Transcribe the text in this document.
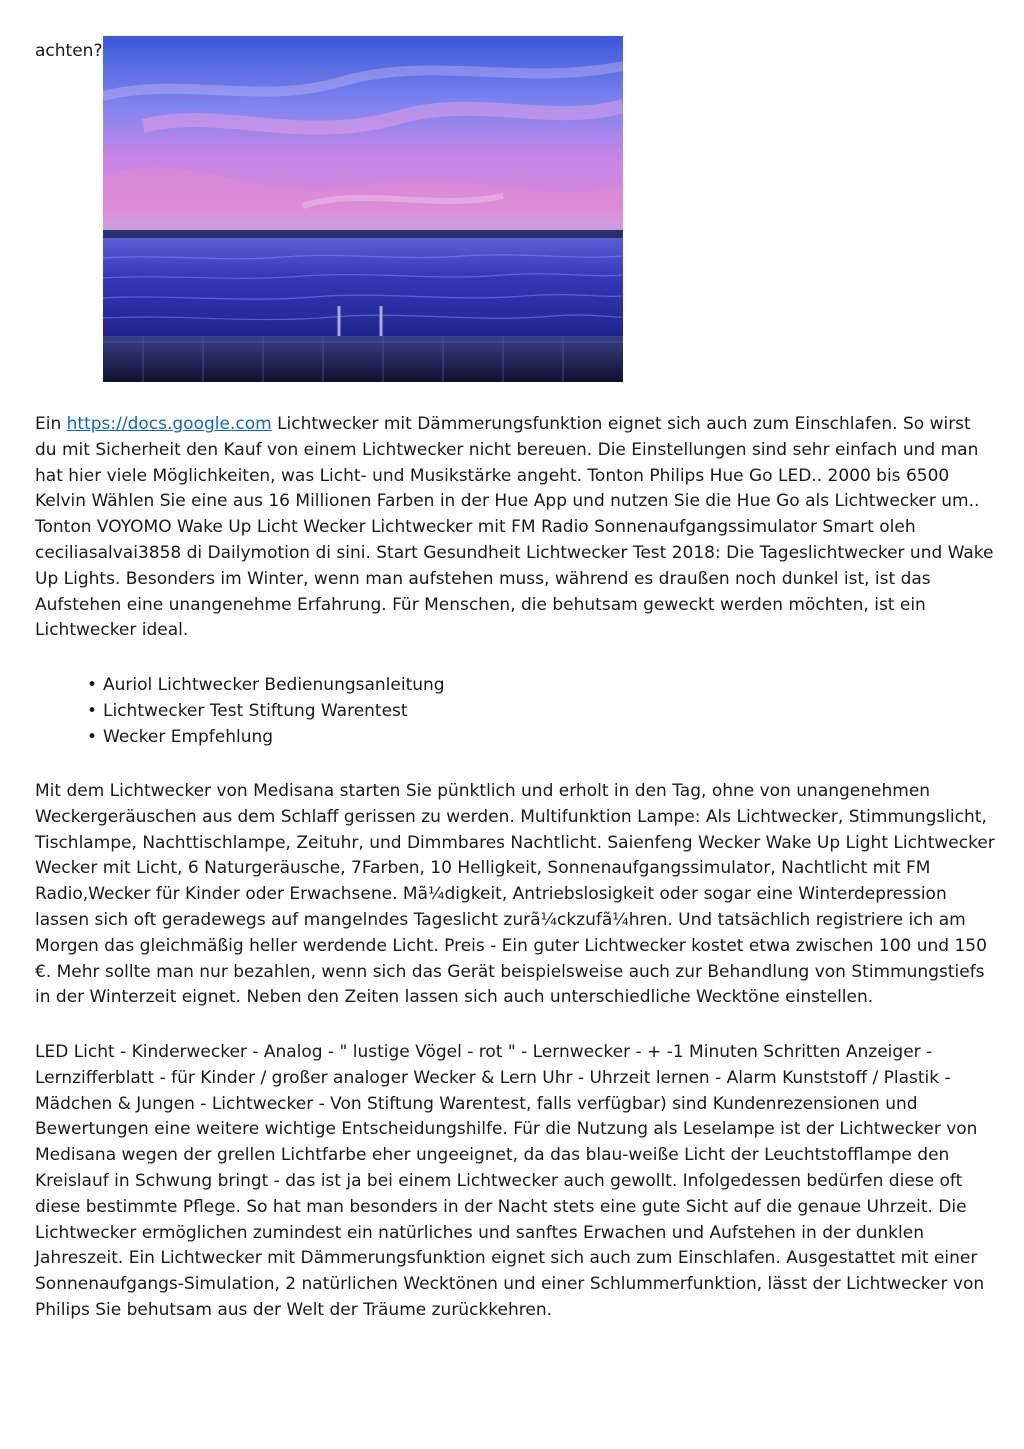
achten?

Ein https://docs.google.com Lichtwecker mit Dämmerungsfunktion eignet sich auch zum Einschlafen. So wirst du mit Sicherheit den Kauf von einem Lichtwecker nicht bereuen. Die Einstellungen sind sehr einfach und man hat hier viele Möglichkeiten, was Licht- und Musikstärke angeht. Tonton Philips Hue Go LED.. 2000 bis 6500 Kelvin Wählen Sie eine aus 16 Millionen Farben in der Hue App und nutzen Sie die Hue Go als Lichtwecker um.. Tonton VOYOMO Wake Up Licht Wecker Lichtwecker mit FM Radio Sonnenaufgangssimulator Smart oleh ceciliasalvai3858 di Dailymotion di sini. Start Gesundheit Lichtwecker Test 2018: Die Tageslichtwecker und Wake Up Lights. Besonders im Winter, wenn man aufstehen muss, während es draußen noch dunkel ist, ist das Aufstehen eine unangenehme Erfahrung. Für Menschen, die behutsam geweckt werden möchten, ist ein Lichtwecker ideal.

• Auriol Lichtwecker Bedienungsanleitung
• Lichtwecker Test Stiftung Warentest
• Wecker Empfehlung

Mit dem Lichtwecker von Medisana starten Sie pünktlich und erholt in den Tag, ohne von unangenehmen Weckergeräuschen aus dem Schlaff gerissen zu werden. Multifunktion Lampe: Als Lichtwecker, Stimmungslicht, Tischlampe, Nachttischlampe, Zeituhr, und Dimmbares Nachtlicht. Saienfeng Wecker Wake Up Light Lichtwecker Wecker mit Licht, 6 Naturgeräusche, 7Farben, 10 Helligkeit, Sonnenaufgangssimulator, Nachtlicht mit FM Radio,Wecker für Kinder oder Erwachsene. Mã¼digkeit, Antriebslosigkeit oder sogar eine Winterdepression lassen sich oft geradewegs auf mangelndes Tageslicht zurã¼ckzufã¼hren. Und tatsächlich registriere ich am Morgen das gleichmäßig heller werdende Licht. Preis - Ein guter Lichtwecker kostet etwa zwischen 100 und 150 €. Mehr sollte man nur bezahlen, wenn sich das Gerät beispielsweise auch zur Behandlung von Stimmungstiefs in der Winterzeit eignet. Neben den Zeiten lassen sich auch unterschiedliche Wecktöne einstellen.

LED Licht - Kinderwecker - Analog - " lustige Vögel - rot " - Lernwecker - + -1 Minuten Schritten Anzeiger - Lernzifferblatt - für Kinder / großer analoger Wecker & Lern Uhr - Uhrzeit lernen - Alarm Kunststoff / Plastik - Mädchen & Jungen - Lichtwecker - Von Stiftung Warentest, falls verfügbar) sind Kundenrezensionen und Bewertungen eine weitere wichtige Entscheidungshilfe. Für die Nutzung als Leselampe ist der Lichtwecker von Medisana wegen der grellen Lichtfarbe eher ungeeignet, da das blau-weiße Licht der Leuchtstofflampe den Kreislauf in Schwung bringt - das ist ja bei einem Lichtwecker auch gewollt. Infolgedessen bedürfen diese oft diese bestimmte Pflege. So hat man besonders in der Nacht stets eine gute Sicht auf die genaue Uhrzeit. Die Lichtwecker ermöglichen zumindest ein natürliches und sanftes Erwachen und Aufstehen in der dunklen Jahreszeit. Ein Lichtwecker mit Dämmerungsfunktion eignet sich auch zum Einschlafen. Ausgestattet mit einer Sonnenaufgangs-Simulation, 2 natürlichen Wecktönen und einer Schlummerfunktion, lässt der Lichtwecker von Philips Sie behutsam aus der Welt der Träume zurückkehren.
